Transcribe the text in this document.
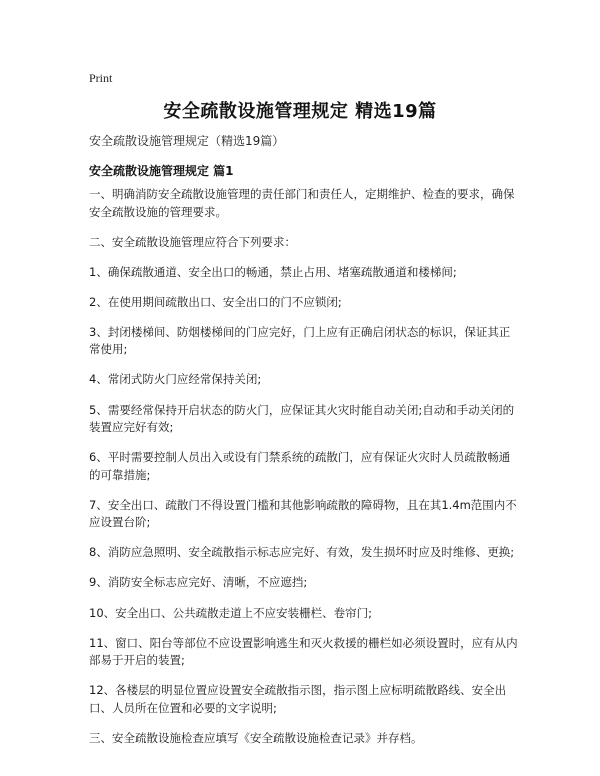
Print
安全疏散设施管理规定 精选19篇
安全疏散设施管理规定（精选19篇）
安全疏散设施管理规定 篇1

一、明确消防安全疏散设施管理的责任部门和责任人，定期维护、检查的要求，确保安全疏散设施的管理要求。

二、安全疏散设施管理应符合下列要求：

1、确保疏散通道、安全出口的畅通，禁止占用、堵塞疏散通道和楼梯间;

2、在使用期间疏散出口、安全出口的门不应锁闭;

3、封闭楼梯间、防烟楼梯间的门应完好，门上应有正确启闭状态的标识，保证其正常使用;

4、常闭式防火门应经常保持关闭;

5、需要经常保持开启状态的防火门，应保证其火灾时能自动关闭;自动和手动关闭的装置应完好有效;

6、平时需要控制人员出入或设有门禁系统的疏散门，应有保证火灾时人员疏散畅通的可靠措施;

7、安全出口、疏散门不得设置门槛和其他影响疏散的障碍物，且在其1.4m范围内不应设置台阶;

8、消防应急照明、安全疏散指示标志应完好、有效，发生损坏时应及时维修、更换;

9、消防安全标志应完好、清晰，不应遮挡;

10、安全出口、公共疏散走道上不应安装栅栏、卷帘门;

11、窗口、阳台等部位不应设置影响逃生和灭火救援的栅栏如必须设置时，应有从内部易于开启的装置;

12、各楼层的明显位置应设置安全疏散指示图，指示图上应标明疏散路线、安全出口、人员所在位置和必要的文字说明;

三、安全疏散设施检查应填写《安全疏散设施检查记录》并存档。
